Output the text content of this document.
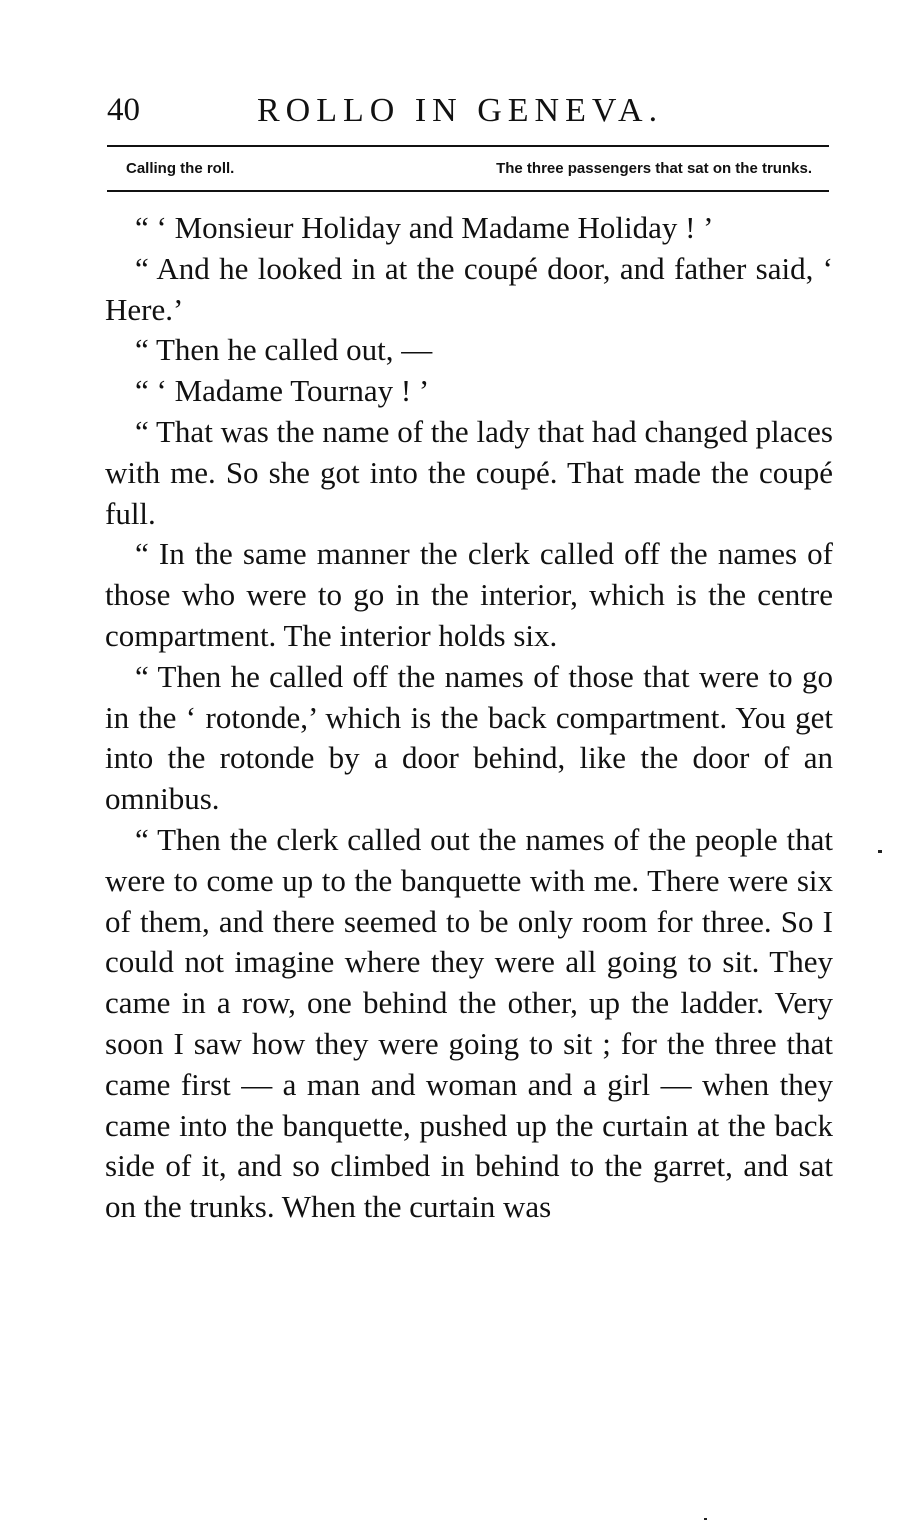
40	ROLLO IN GENEVA.
Calling the roll.	The three passengers that sat on the trunks.

“ ‘ Monsieur Holiday and Madame Holiday ! ’

“ And he looked in at the coupé door, and father said, ‘ Here.’

“ Then he called out, —

“ ‘ Madame Tournay ! ’

“ That was the name of the lady that had changed places with me. So she got into the coupé. That made the coupé full.

“ In the same manner the clerk called off the names of those who were to go in the interior, which is the centre compartment. The interior holds six.

“ Then he called off the names of those that were to go in the ‘ rotonde,’ which is the back compartment. You get into the rotonde by a door behind, like the door of an omnibus.

“ Then the clerk called out the names of the people that were to come up to the banquette with me. There were six of them, and there seemed to be only room for three. So I could not imagine where they were all going to sit. They came in a row, one behind the other, up the ladder. Very soon I saw how they were going to sit ; for the three that came first — a man and woman and a girl — when they came into the banquette, pushed up the curtain at the back side of it, and so climbed in behind to the garret, and sat on the trunks. When the curtain was
